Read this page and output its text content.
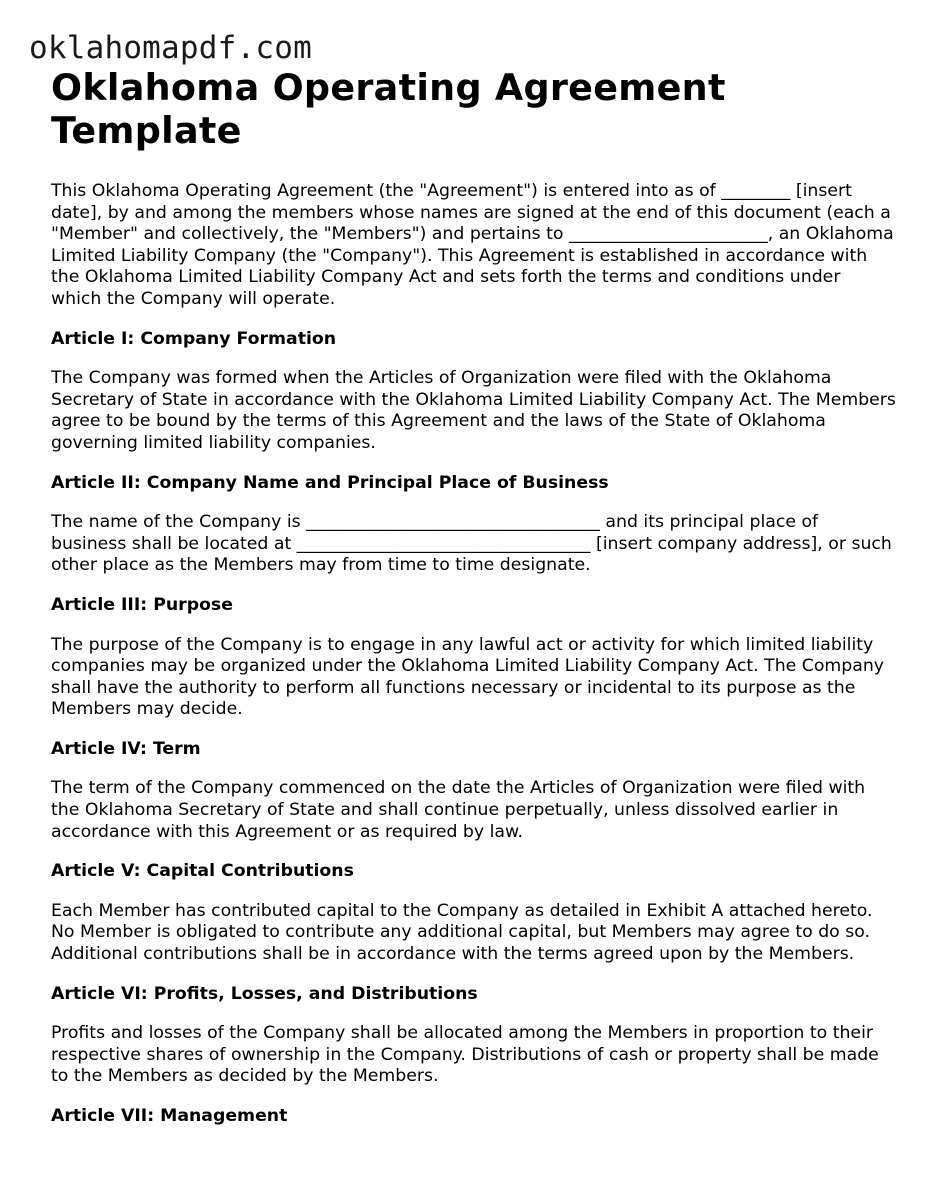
oklahomapdf.com
Oklahoma Operating Agreement Template

This Oklahoma Operating Agreement (the "Agreement") is entered into as of ________ [insert date], by and among the members whose names are signed at the end of this document (each a "Member" and collectively, the "Members") and pertains to _______________________, an Oklahoma Limited Liability Company (the "Company"). This Agreement is established in accordance with the Oklahoma Limited Liability Company Act and sets forth the terms and conditions under which the Company will operate.

Article I: Company Formation

The Company was formed when the Articles of Organization were filed with the Oklahoma Secretary of State in accordance with the Oklahoma Limited Liability Company Act. The Members agree to be bound by the terms of this Agreement and the laws of the State of Oklahoma governing limited liability companies.

Article II: Company Name and Principal Place of Business

The name of the Company is __________________________________ and its principal place of business shall be located at __________________________________ [insert company address], or such other place as the Members may from time to time designate.

Article III: Purpose

The purpose of the Company is to engage in any lawful act or activity for which limited liability companies may be organized under the Oklahoma Limited Liability Company Act. The Company shall have the authority to perform all functions necessary or incidental to its purpose as the Members may decide.

Article IV: Term

The term of the Company commenced on the date the Articles of Organization were filed with the Oklahoma Secretary of State and shall continue perpetually, unless dissolved earlier in accordance with this Agreement or as required by law.

Article V: Capital Contributions

Each Member has contributed capital to the Company as detailed in Exhibit A attached hereto. No Member is obligated to contribute any additional capital, but Members may agree to do so. Additional contributions shall be in accordance with the terms agreed upon by the Members.

Article VI: Profits, Losses, and Distributions

Profits and losses of the Company shall be allocated among the Members in proportion to their respective shares of ownership in the Company. Distributions of cash or property shall be made to the Members as decided by the Members.

Article VII: Management
